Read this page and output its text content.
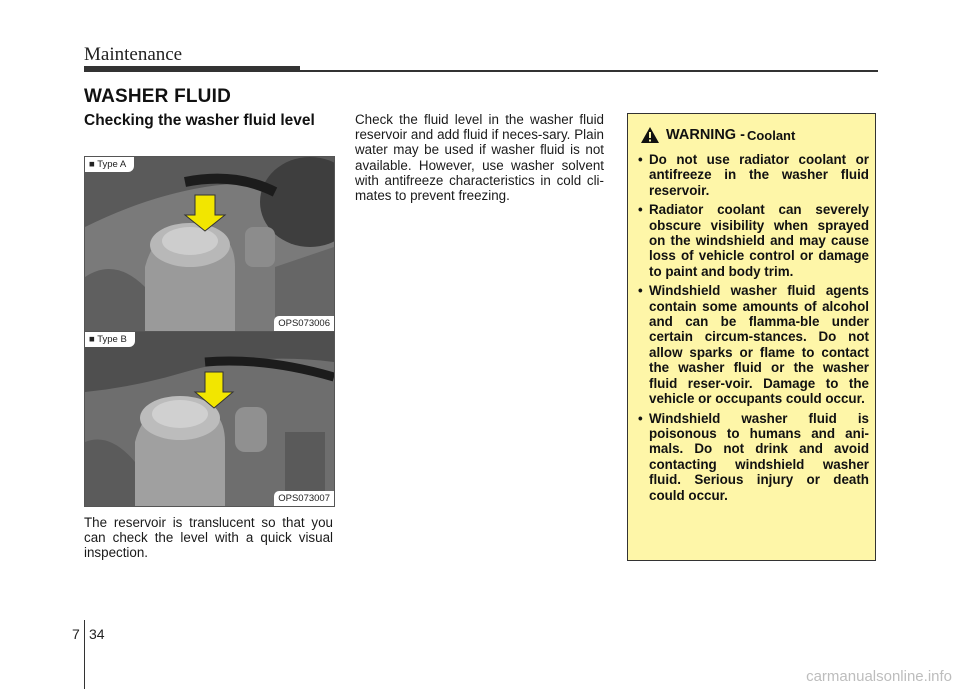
Maintenance
WASHER FLUID
Checking the washer fluid level
■ Type A
OPS073006
■ Type B
OPS073007
The reservoir is translucent so that you can check the level with a quick visual inspection.
Check the fluid level in the washer fluid reservoir and add fluid if neces-sary. Plain water may be used if washer fluid is not available. However, use washer solvent with antifreeze characteristics in cold cli-mates to prevent freezing.
WARNING - Coolant
• Do not use radiator coolant or antifreeze in the washer fluid reservoir.
• Radiator coolant can severely obscure visibility when sprayed on the windshield and may cause loss of vehicle control or damage to paint and body trim.
• Windshield washer fluid agents contain some amounts of alcohol and can be flamma-ble under certain circum-stances. Do not allow sparks or flame to contact the washer fluid or the washer fluid reser-voir. Damage to the vehicle or occupants could occur.
• Windshield washer fluid is poisonous to humans and ani-mals. Do not drink and avoid contacting windshield washer fluid. Serious injury or death could occur.
7 34
carmanualsonline.info
